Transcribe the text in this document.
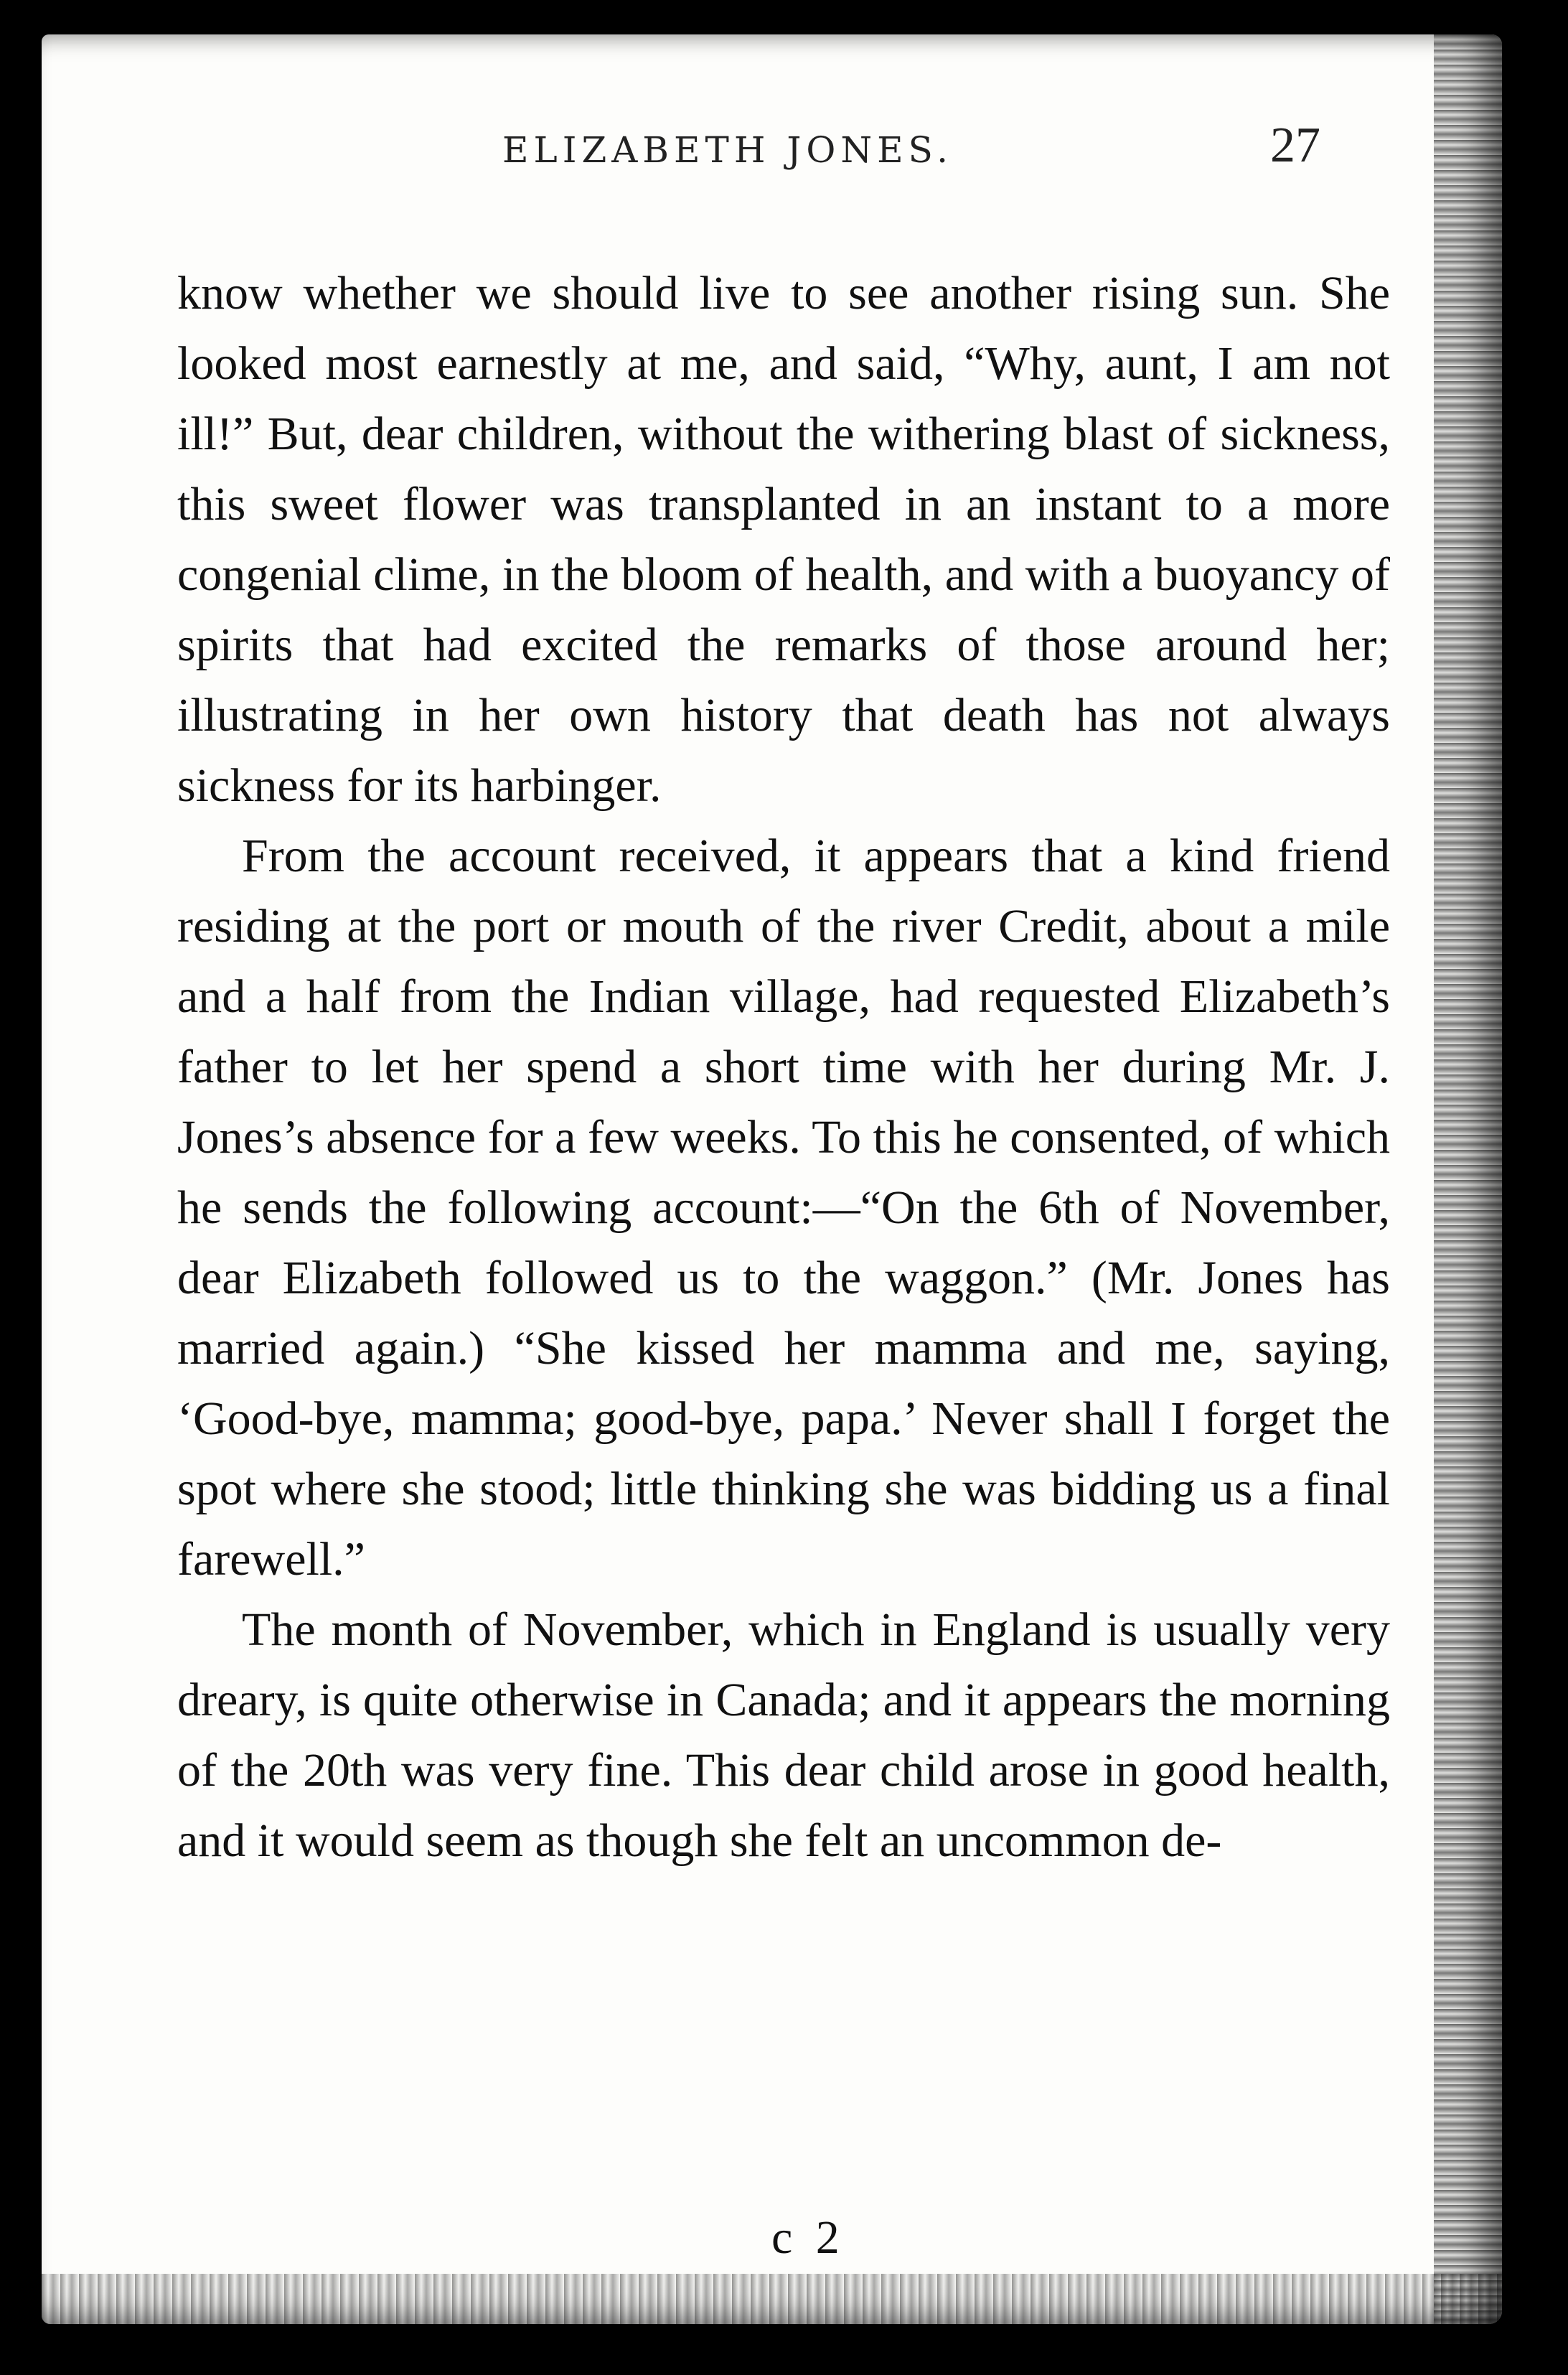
ELIZABETH JONES.	27

know whether we should live to see another rising sun. She looked most earnestly at me, and said, “Why, aunt, I am not ill!” But, dear children, without the withering blast of sickness, this sweet flower was transplanted in an instant to a more congenial clime, in the bloom of health, and with a buoyancy of spirits that had excited the remarks of those around her; illustrating in her own history that death has not always sickness for its harbinger.

From the account received, it appears that a kind friend residing at the port or mouth of the river Credit, about a mile and a half from the Indian village, had requested Elizabeth’s father to let her spend a short time with her during Mr. J. Jones’s absence for a few weeks. To this he consented, of which he sends the following account:—“On the 6th of November, dear Elizabeth followed us to the waggon.” (Mr. Jones has married again.) “She kissed her mamma and me, saying, ‘Good-bye, mamma; good-bye, papa.’ Never shall I forget the spot where she stood; little thinking she was bidding us a final farewell.”

The month of November, which in England is usually very dreary, is quite otherwise in Canada; and it appears the morning of the 20th was very fine. This dear child arose in good health, and it would seem as though she felt an uncommon de-

c 2
